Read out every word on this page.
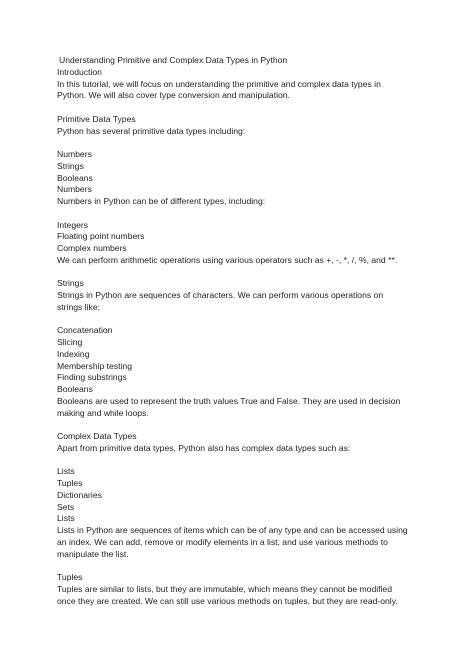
Understanding Primitive and Complex Data Types in Python
Introduction
In this tutorial, we will focus on understanding the primitive and complex data types in
Python. We will also cover type conversion and manipulation.
Primitive Data Types
Python has several primitive data types including:
Numbers
Strings
Booleans
Numbers
Numbers in Python can be of different types, including:
Integers
Floating point numbers
Complex numbers
We can perform arithmetic operations using various operators such as +, -, *, /, %, and **.
Strings
Strings in Python are sequences of characters. We can perform various operations on
strings like:
Concatenation
Slicing
Indexing
Membership testing
Finding substrings
Booleans
Booleans are used to represent the truth values True and False. They are used in decision
making and while loops.
Complex Data Types
Apart from primitive data types, Python also has complex data types such as:
Lists
Tuples
Dictionaries
Sets
Lists
Lists in Python are sequences of items which can be of any type and can be accessed using
an index. We can add, remove or modify elements in a list, and use various methods to
manipulate the list.
Tuples
Tuples are similar to lists, but they are immutable, which means they cannot be modified
once they are created. We can still use various methods on tuples, but they are read-only.
